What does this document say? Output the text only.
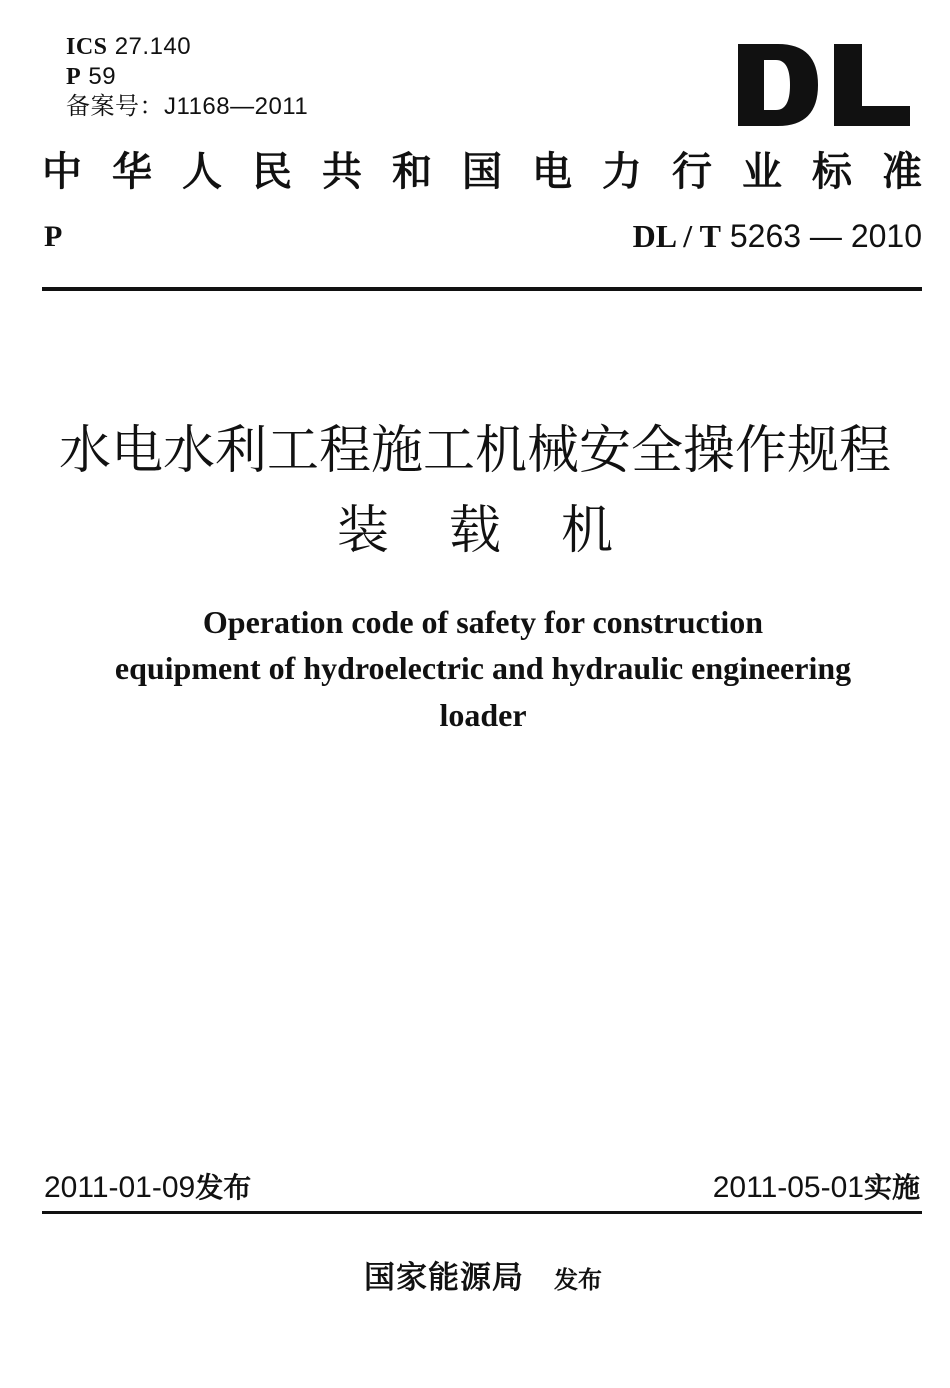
ICS 27.140
P 59
备案号：J1168—2011
中 华 人 民 共 和 国 电 力 行 业 标 准
P	DL / T 5263 — 2010
水电水利工程施工机械安全操作规程
装载机
Operation code of safety for construction
equipment of hydroelectric and hydraulic engineering
loader
2011-01-09发布	2011-05-01实施
国家能源局 发布
